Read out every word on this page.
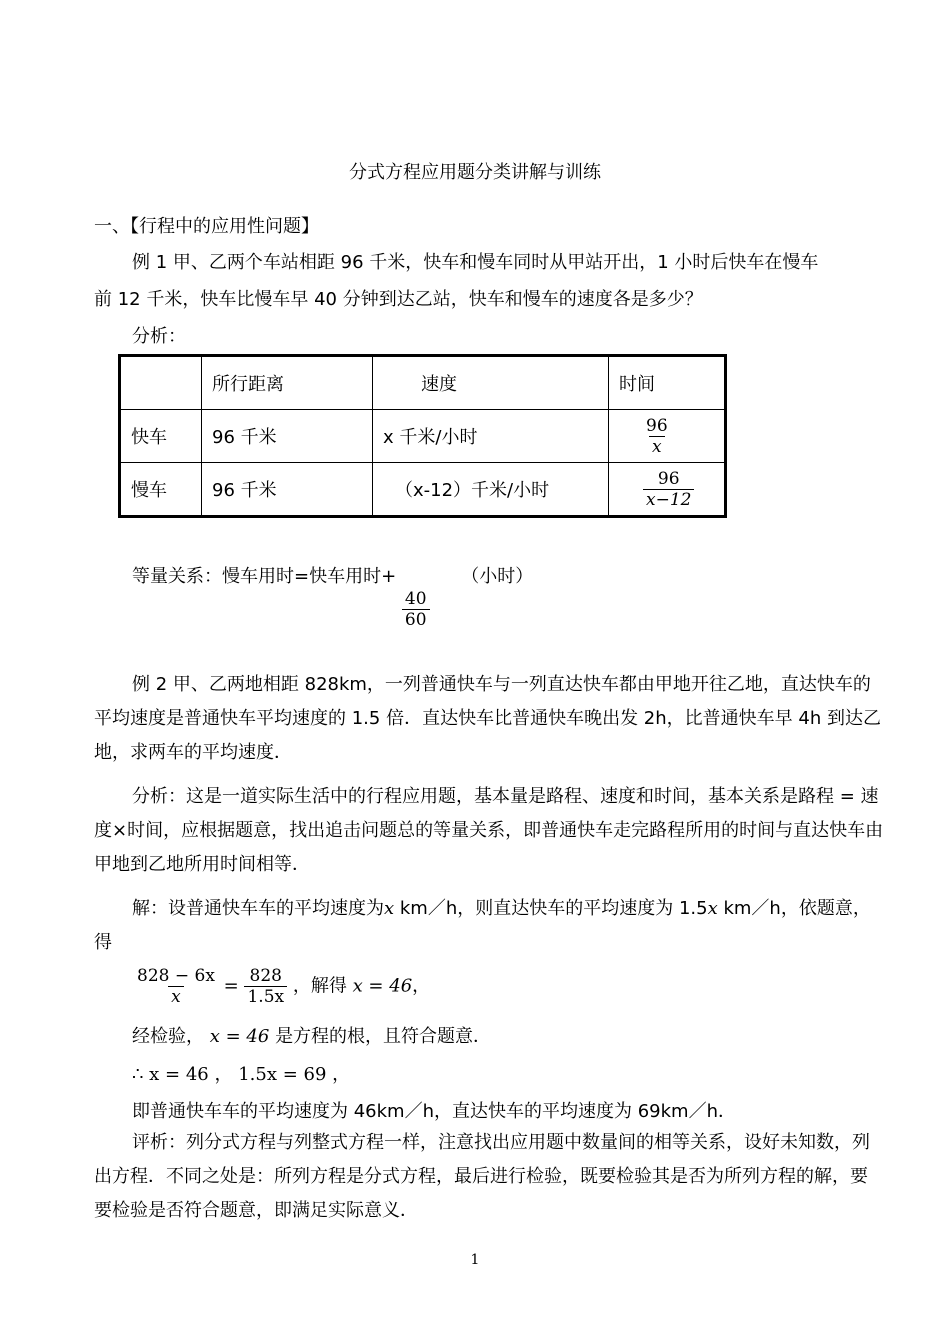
分式方程应用题分类讲解与训练
一、【行程中的应用性问题】
例 1 甲、乙两个车站相距 96 千米，快车和慢车同时从甲站开出，1 小时后快车在慢车
前 12 千米，快车比慢车早 40 分钟到达乙站，快车和慢车的速度各是多少？
分析：
	所行距离	速度	时间
快车	96 千米	x 千米/小时	$\frac{96}{x}$

慢车	96 千米	（x-12）千米/小时	$\frac{96}{x-12}$
等量关系：慢车用时=快车用时+
$\frac{40}{60}$
（小时）
例 2 甲、乙两地相距 828km，一列普通快车与一列直达快车都由甲地开往乙地，直达快车的平均速度是普通快车平均速度的 1.5 倍．直达快车比普通快车晚出发 2h，比普通快车早 4h 到达乙地，求两车的平均速度．
分析：这是一道实际生活中的行程应用题，基本量是路程、速度和时间，基本关系是路程 = 速度×时间，应根据题意，找出追击问题总的等量关系，即普通快车走完路程所用的时间与直达快车由甲地到乙地所用时间相等．
解：设普通快车车的平均速度为x km／h，则直达快车的平均速度为 1.5x km／h，依题意，得
$\frac{828 - 6x}{x} = \frac{828}{1.5x}$ ，解得 x = 46，
经检验， x = 46 是方程的根，且符合题意．
∴ x = 46 ， 1.5x = 69 ，
即普通快车车的平均速度为 46km／h，直达快车的平均速度为 69km／h．
评析：列分式方程与列整式方程一样，注意找出应用题中数量间的相等关系，设好未知数，列出方程．不同之处是：所列方程是分式方程，最后进行检验，既要检验其是否为所列方程的解，要要检验是否符合题意，即满足实际意义．
1
